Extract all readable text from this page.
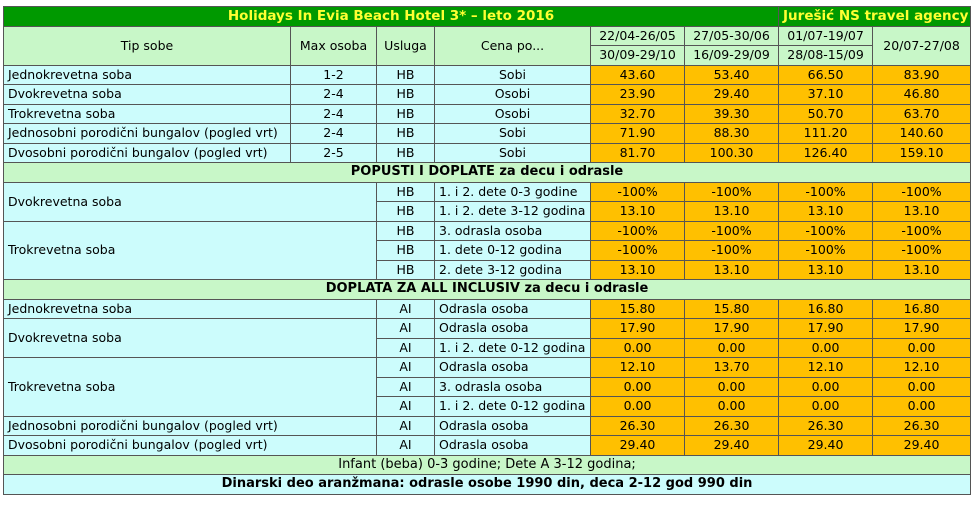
Holidays In Evia Beach Hotel 3* – leto 2016						Jurešić NS travel agency	
Tip sobe	Max osoba	Usluga	Cena po...	22/04-26/05	27/05-30/06	01/07-19/07	20/07-27/08
				30/09-29/10	16/09-29/09	28/08-15/09	
Jednokrevetna soba	1-2	HB	Sobi	43.60	53.40	66.50	83.90
Dvokrevetna soba	2-4	HB	Osobi	23.90	29.40	37.10	46.80
Trokrevetna soba	2-4	HB	Osobi	32.70	39.30	50.70	63.70
Jednosobni porodični bungalov (pogled vrt)	2-4	HB	Sobi	71.90	88.30	111.20	140.60
Dvosobni porodični bungalov (pogled vrt)	2-5	HB	Sobi	81.70	100.30	126.40	159.10
POPUSTI I DOPLATE za decu i odrasle							
Dvokrevetna soba		HB	1. i 2. dete 0-3 godine	-100%	-100%	-100%	-100%
		HB	1. i 2. dete 3-12 godina	13.10	13.10	13.10	13.10
Trokrevetna soba		HB	3. odrasla osoba	-100%	-100%	-100%	-100%
		HB	1. dete 0-12 godina	-100%	-100%	-100%	-100%
		HB	2. dete 3-12 godina	13.10	13.10	13.10	13.10
DOPLATA ZA ALL INCLUSIV za decu i odrasle							
Jednokrevetna soba		AI	Odrasla osoba	15.80	15.80	16.80	16.80
Dvokrevetna soba		AI	Odrasla osoba	17.90	17.90	17.90	17.90
		AI	1. i 2. dete 0-12 godina	0.00	0.00	0.00	0.00
Trokrevetna soba		AI	Odrasla osoba	12.10	13.70	12.10	12.10
		AI	3. odrasla osoba	0.00	0.00	0.00	0.00
		AI	1. i 2. dete 0-12 godina	0.00	0.00	0.00	0.00
Jednosobni porodični bungalov (pogled vrt)		AI	Odrasla osoba	26.30	26.30	26.30	26.30
Dvosobni porodični bungalov (pogled vrt)		AI	Odrasla osoba	29.40	29.40	29.40	29.40
Infant (beba) 0-3 godine; Dete A 3-12 godina;							
Dinarski deo aranžmana: odrasle osobe 1990 din, deca 2-12 god 990 din							
